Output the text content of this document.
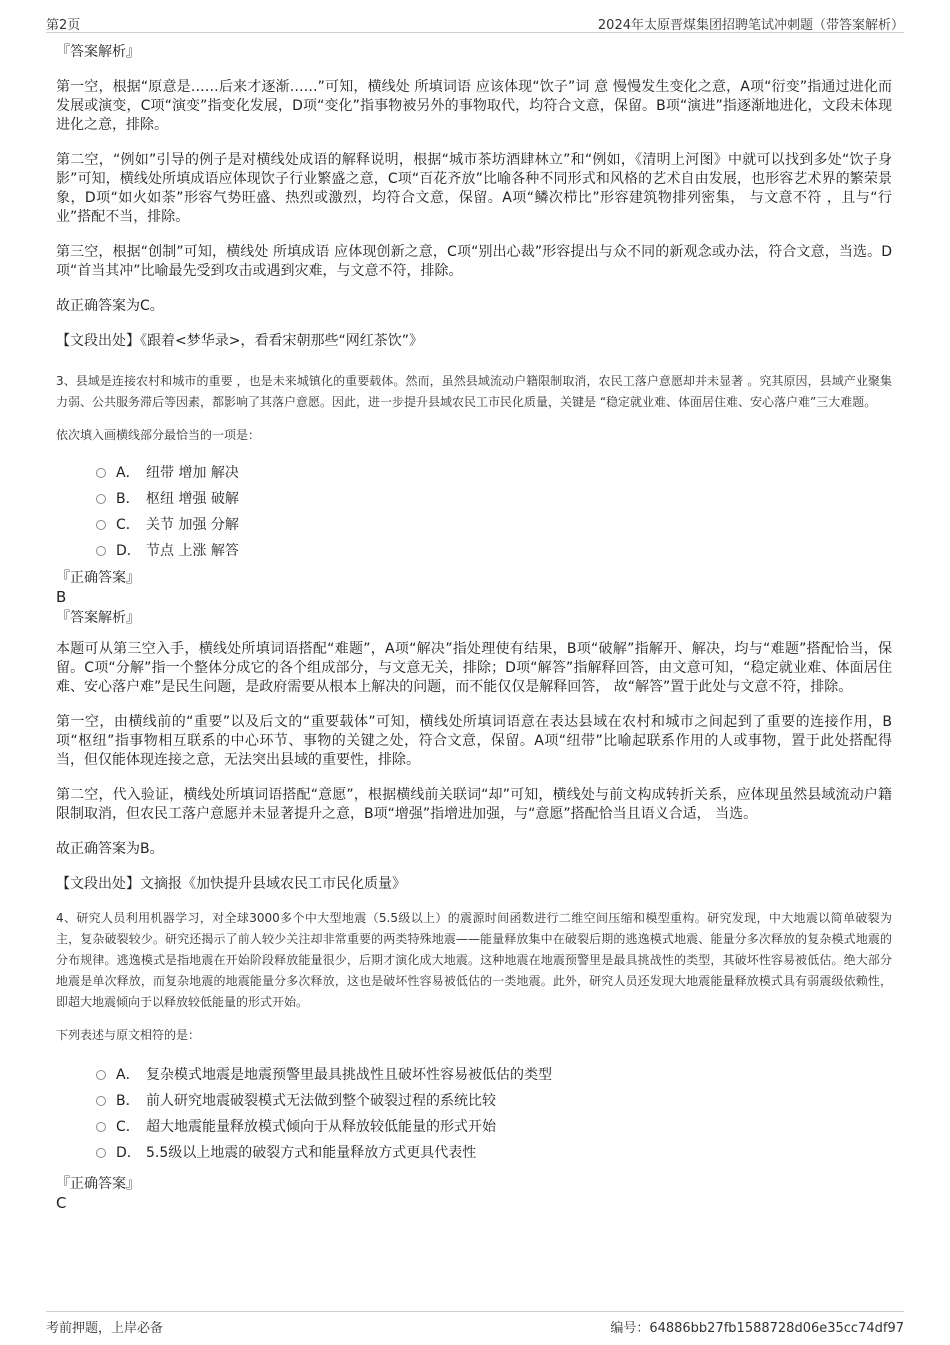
第2页	2024年太原晋煤集团招聘笔试冲刺题（带答案解析）

『答案解析』

第一空，根据“原意是……后来才逐渐……”可知，横线处 所填词语 应该体现“饮子”词 意 慢慢发生变化之意，A项“衍变”指通过进化而发展或演变，C项“演变”指变化发展，D项“变化”指事物被另外的事物取代，均符合文意，保留。B项“演进”指逐渐地进化，文段未体现进化之意，排除。

第二空，“例如”引导的例子是对横线处成语的解释说明，根据“城市茶坊酒肆林立”和“例如，《清明上河图》中就可以找到多处“饮子身影”可知，横线处所填成语应体现饮子行业繁盛之意，C项“百花齐放”比喻各种不同形式和风格的艺术自由发展，也形容艺术界的繁荣景象，D项“如火如荼”形容气势旺盛、热烈或激烈，均符合文意，保留。A项“鳞次栉比”形容建筑物排列密集， 与文意不符 ，且与“行业”搭配不当，排除。

第三空，根据“创制”可知，横线处 所填成语 应体现创新之意，C项“别出心裁”形容提出与众不同的新观念或办法，符合文意，当选。D项“首当其冲”比喻最先受到攻击或遇到灾难，与文意不符，排除。

故正确答案为C。

【文段出处】《跟着<梦华录>，看看宋朝那些“网红茶饮”》

3、县域是连接农村和城市的重要 ，也是未来城镇化的重要载体。然而，虽然县域流动户籍限制取消，农民工落户意愿却并未显著 。究其原因，县域产业聚集力弱、公共服务滞后等因素，都影响了其落户意愿。因此，进一步提升县域农民工市民化质量，关键是 “稳定就业难、体面居住难、安心落户难”三大难题。

依次填入画横线部分最恰当的一项是：

A． 纽带 增加 解决
B． 枢纽 增强 破解
C． 关节 加强 分解
D． 节点 上涨 解答

『正确答案』

B

『答案解析』

本题可从第三空入手，横线处所填词语搭配“难题”，A项“解决”指处理使有结果，B项“破解”指解开、解决，均与“难题”搭配恰当，保留。C项“分解”指一个整体分成它的各个组成部分，与文意无关，排除；D项“解答”指解释回答，由文意可知，“稳定就业难、体面居住难、安心落户难”是民生问题，是政府需要从根本上解决的问题，而不能仅仅是解释回答， 故“解答”置于此处与文意不符，排除。

第一空，由横线前的“重要”以及后文的“重要载体”可知，横线处所填词语意在表达县域在农村和城市之间起到了重要的连接作用，B项“枢纽”指事物相互联系的中心环节、事物的关键之处，符合文意，保留。A项“纽带”比喻起联系作用的人或事物，置于此处搭配得当，但仅能体现连接之意，无法突出县域的重要性，排除。

第二空，代入验证，横线处所填词语搭配“意愿”，根据横线前关联词“却”可知，横线处与前文构成转折关系，应体现虽然县域流动户籍限制取消，但农民工落户意愿并未显著提升之意，B项“增强”指增进加强，与“意愿”搭配恰当且语义合适， 当选。

故正确答案为B。

【文段出处】文摘报《加快提升县域农民工市民化质量》

4、研究人员利用机器学习，对全球3000多个中大型地震（5.5级以上）的震源时间函数进行二维空间压缩和模型重构。研究发现，中大地震以简单破裂为主，复杂破裂较少。研究还揭示了前人较少关注却非常重要的两类特殊地震——能量释放集中在破裂后期的逃逸模式地震、能量分多次释放的复杂模式地震的分布规律。逃逸模式是指地震在开始阶段释放能量很少，后期才演化成大地震。这种地震在地震预警里是最具挑战性的类型，其破坏性容易被低估。绝大部分地震是单次释放，而复杂地震的地震能量分多次释放，这也是破坏性容易被低估的一类地震。此外，研究人员还发现大地震能量释放模式具有弱震级依赖性，即超大地震倾向于以释放较低能量的形式开始。

下列表述与原文相符的是：

A． 复杂模式地震是地震预警里最具挑战性且破坏性容易被低估的类型
B． 前人研究地震破裂模式无法做到整个破裂过程的系统比较
C． 超大地震能量释放模式倾向于从释放较低能量的形式开始
D． 5.5级以上地震的破裂方式和能量释放方式更具代表性

『正确答案』

C

考前押题，上岸必备	编号：64886bb27fb1588728d06e35cc74df97
